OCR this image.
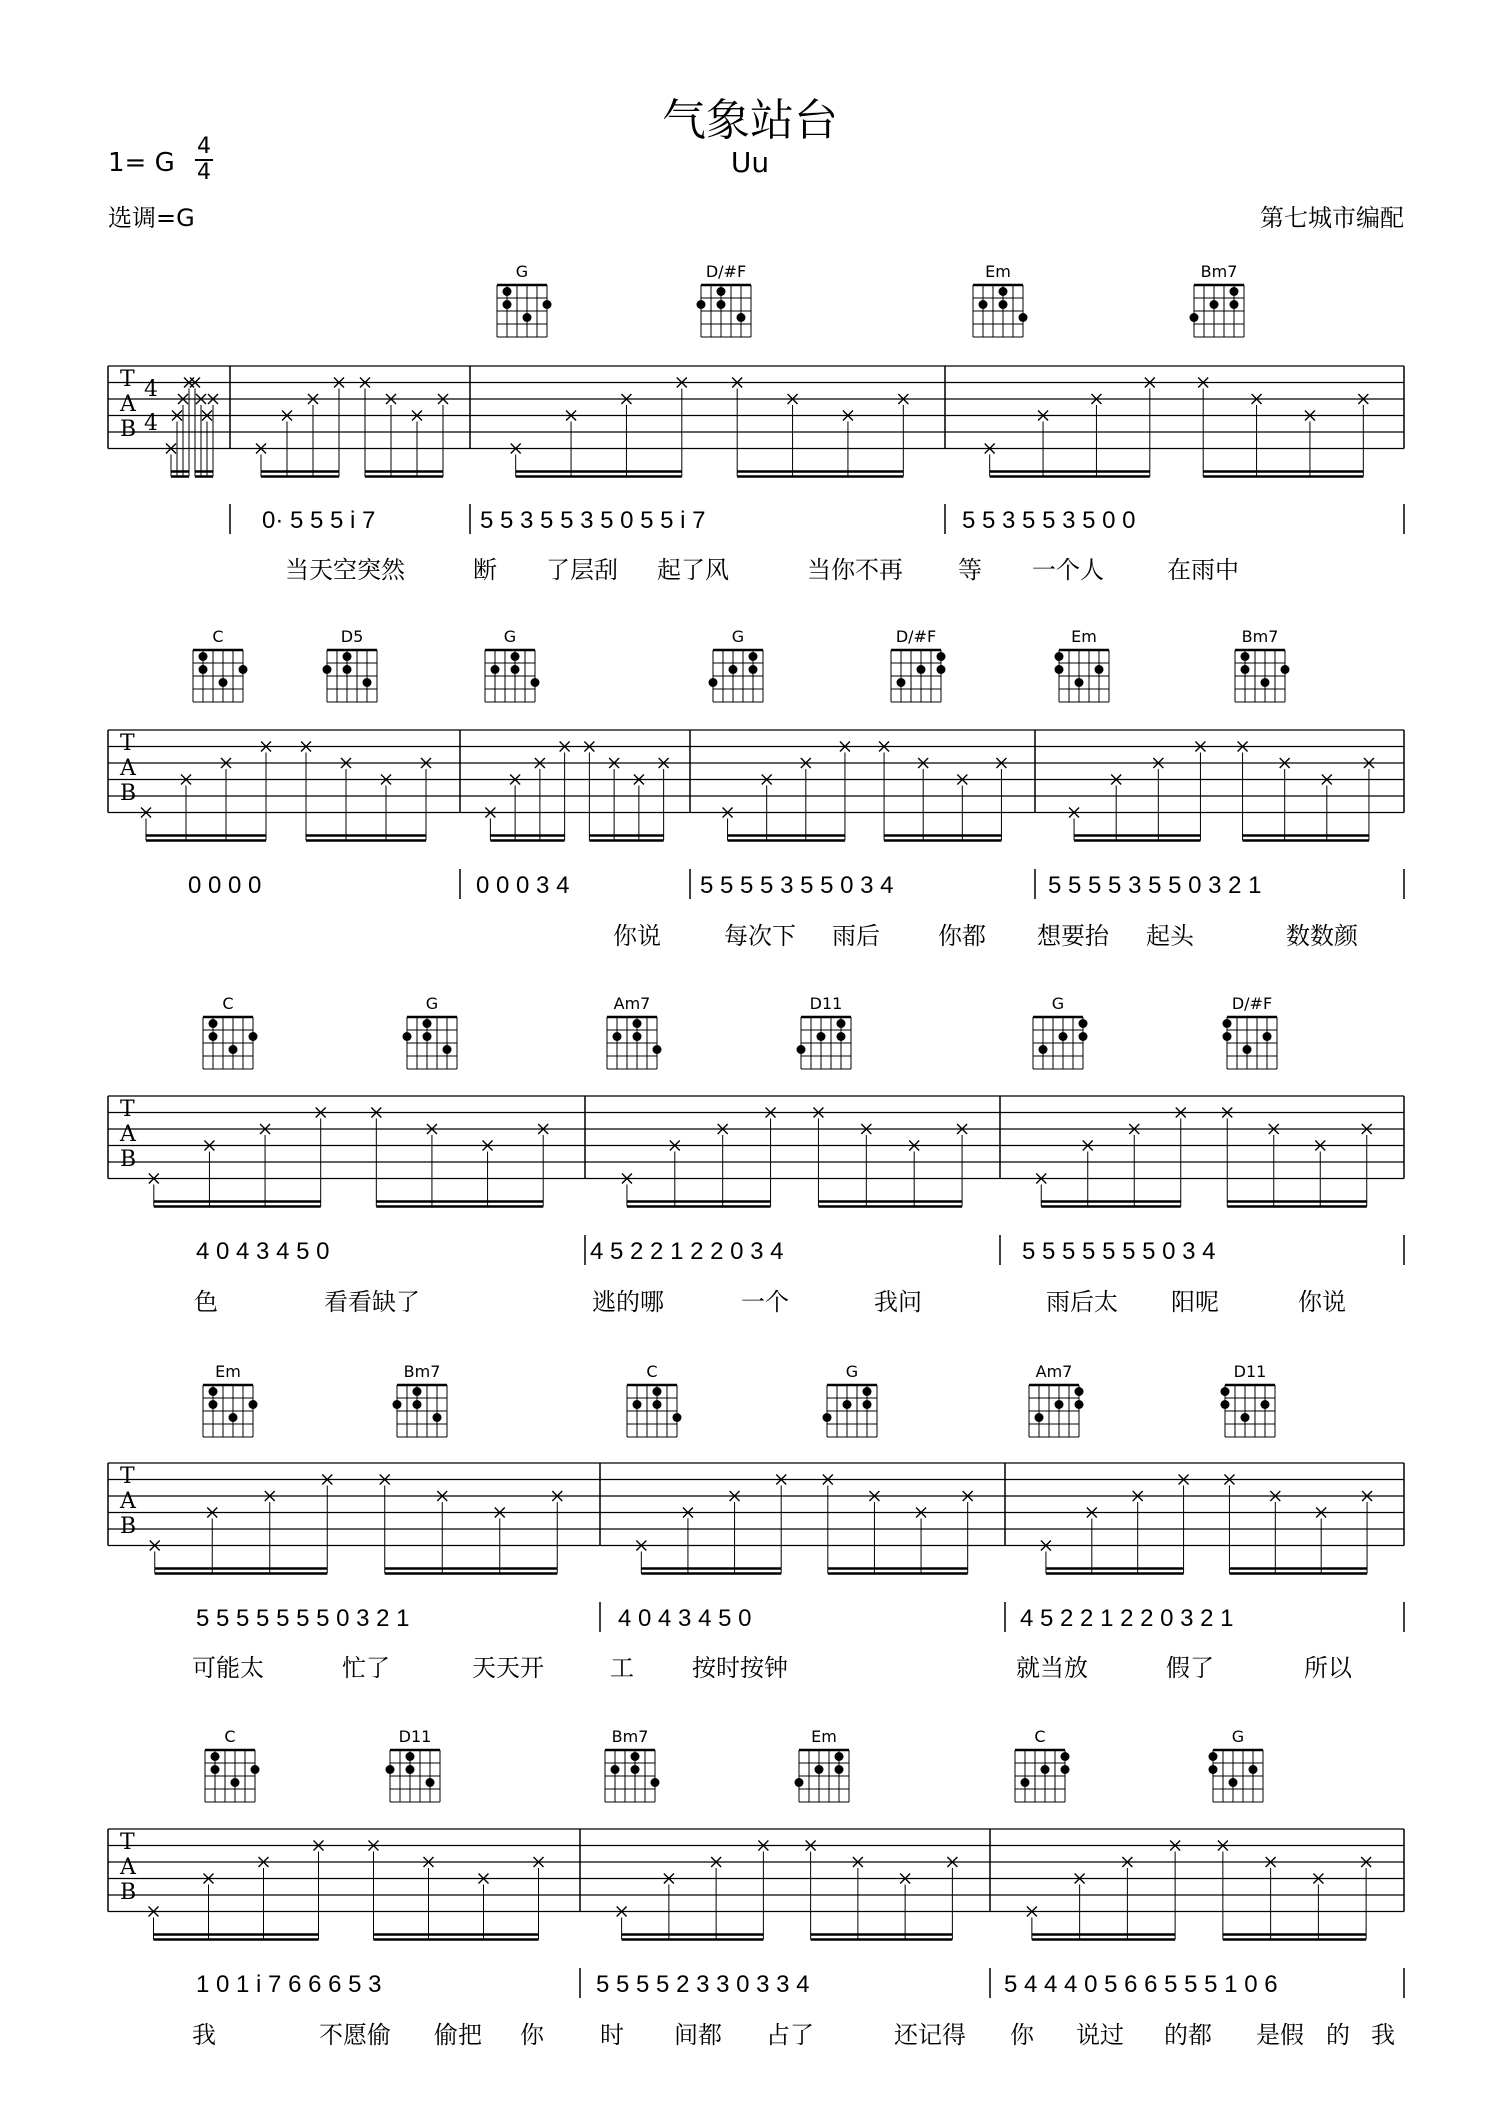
气象站台
Uu
1= G
4
4
选调=G	第七城市编配
T
A
B
4
4
G	D/#F	Em	Bm7
0· 5 5 5 i 7	5 5 3 5 5 3 5 0 5 5 i 7	5 5 3 5 5 3 5 0 0
当天空突然	断 了层刮 起了风	当你不再 等 一个人	在雨中
T
A
B
C	D5	G	G	D/#F	Em	Bm7
0 0 0 0	0 0 0 3 4	5 5 5 5 3 5 5 0 3 4	5 5 5 5 3 5 5 0 3 2 1
你说	每次下 雨后 你都 想要抬 起头	数数颜
T
A
B
C	G	Am7	D11	G	D/#F
4 0 4 3 4 5 0	4 5 2 2 1 2 2 0 3 4	5 5 5 5 5 5 5 0 3 4
色	看看缺了	逃的哪	一个	我问	雨后太 阳呢	你说
T
A
B
Em	Bm7	C	G	Am7	D11
5 5 5 5 5 5 5 0 3 2 1	4 0 4 3 4 5 0	4 5 2 2 1 2 2 0 3 2 1
可能太	忙了	天天开	工 按时按钟	就当放	假了	所以
T
A
B
C	D11	Bm7	Em	C	G
1 0 1 i 7 6 6 6 5 3	5 5 5 5 2 3 3 0 3 3 4	5 4 4 4 0 5 6 6 5 5 5 1 0 6
我	不愿偷 偷把 你 时 间都 占了	还记得 你 说过 的都 是假 的 我
